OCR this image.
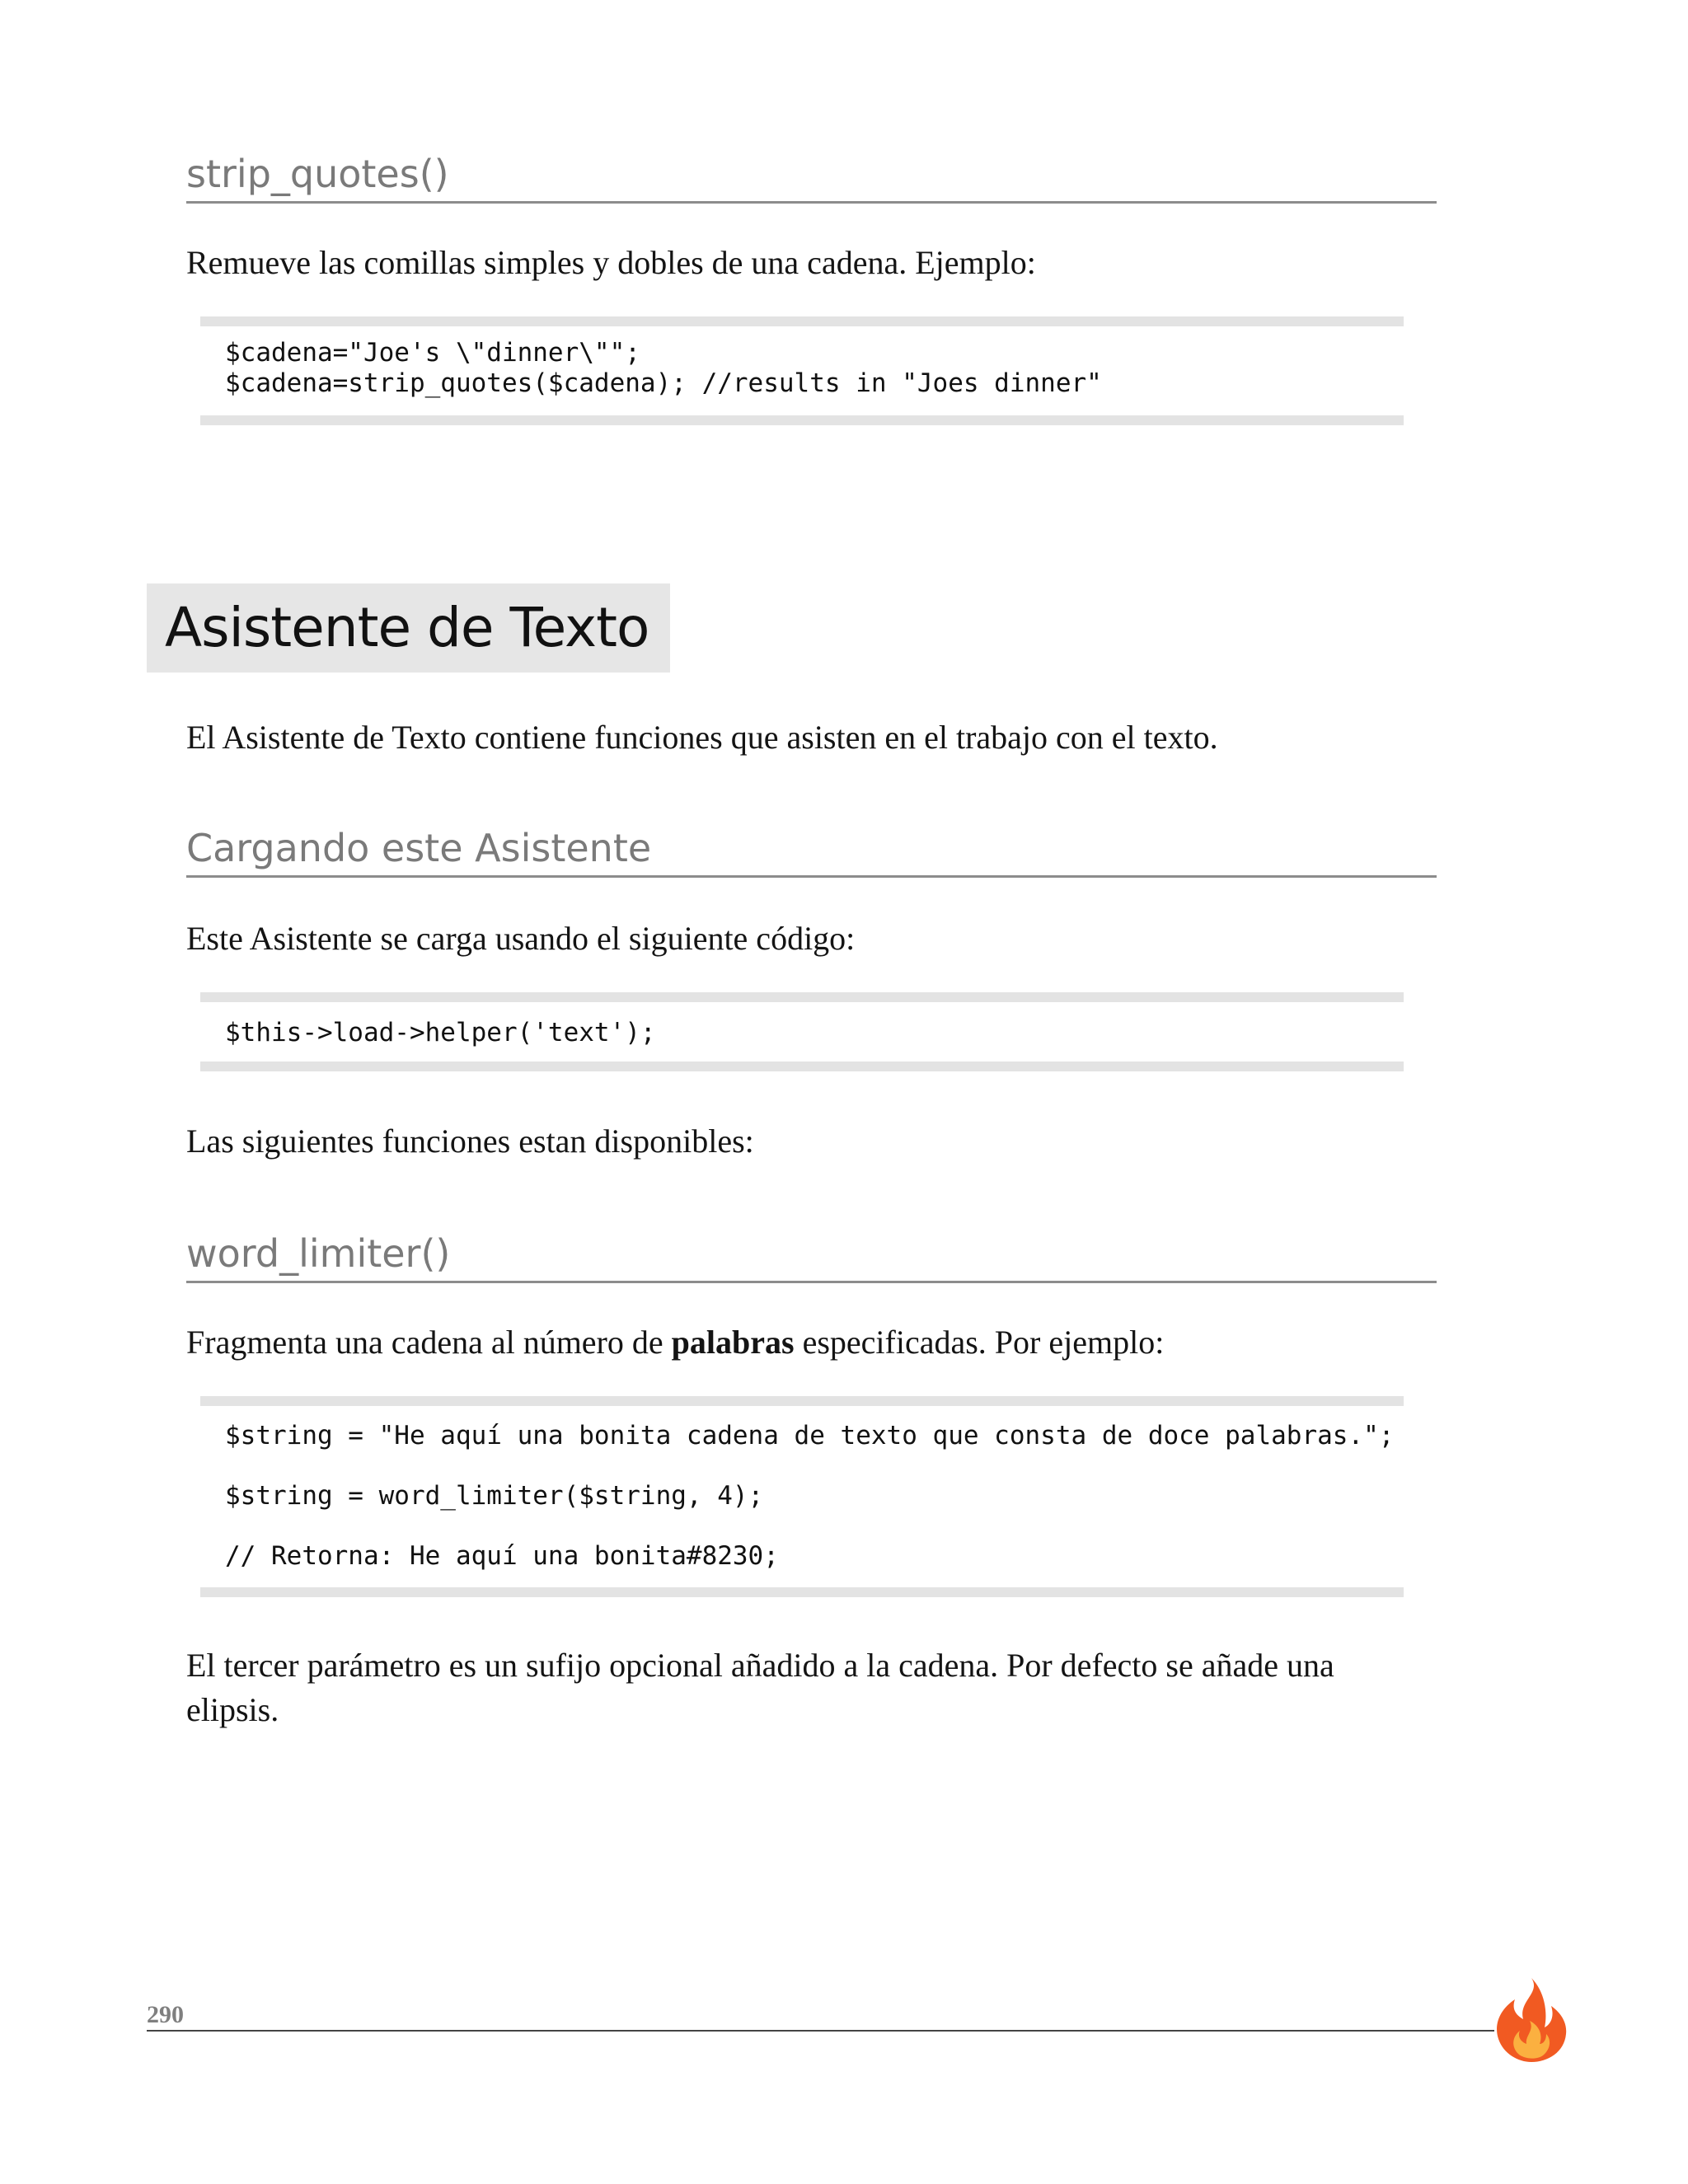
strip_quotes()
Remueve las comillas simples y dobles de una cadena. Ejemplo:
$cadena="Joe's \"dinner\"";
$cadena=strip_quotes($cadena); //results in "Joes dinner"
Asistente de Texto
El Asistente de Texto contiene funciones que asisten en el trabajo con el texto.
Cargando este Asistente
Este Asistente se carga usando el siguiente código:
$this->load->helper('text');
Las siguientes funciones estan disponibles:
word_limiter()
Fragmenta una cadena al número de palabras especificadas. Por ejemplo:
$string = "He aquí una bonita cadena de texto que consta de doce palabras.";
$string = word_limiter($string, 4);
// Retorna: He aquí una bonita#8230;
El tercer parámetro es un sufijo opcional añadido a la cadena. Por defecto se añade una elipsis.
290
